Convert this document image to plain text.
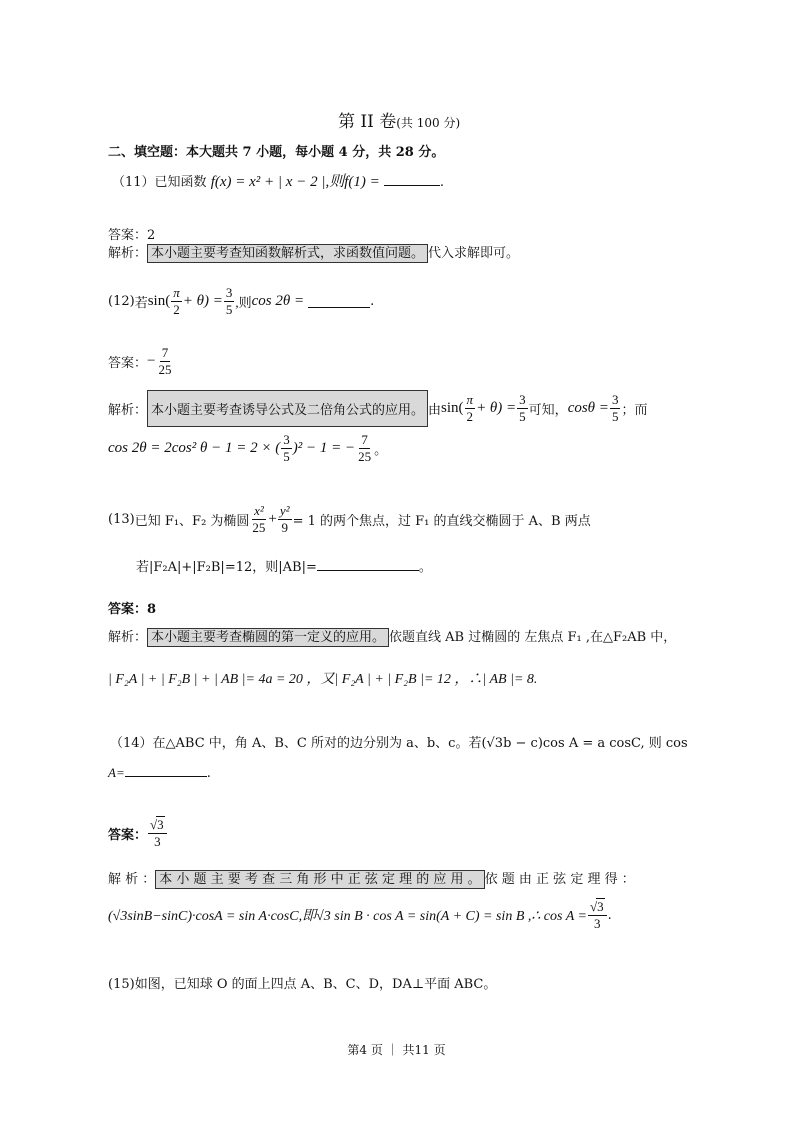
第 II 卷(共 100 分)
二、填空题：本大题共 7 小题，每小题 4 分，共 28 分。
（11）已知函数 f(x) = x² + | x − 2 |,则f(1) =	.
答案：2
解析： 本小题主要考查知函数解析式，求函数值问题。 代入求解即可。
(12) 若 $\sin( \frac{\pi}{2} + \theta) = \frac{3}{5}$ ,则 cos 2θ =	.
答案： − $\frac{7}{25}$
解析： 本小题主要考查诱导公式及二倍角公式的应用。 由 $\sin( \frac{\pi}{2} + \theta) = \frac{3}{5}$ 可知， $\cos\theta = \frac{3}{5}$ ；而
cos 2θ = 2cos² θ − 1 = 2 × ( $\frac{3}{5} )^2 - 1$ = − $\frac{7}{25}$ 。
(13) 已知 F₁、F₂ 为椭圆 $\frac{\text{x²}}{25} + \frac{\text{y²}}{9} = 1$ 的两个焦点，过 F₁ 的直线交椭圆于 A、B 两点
若|F₂A|+|F₂B|=12，则|AB|=	。
答案：8
解析： 本小题主要考查椭圆的第一定义的应用。 依题直线 AB 过椭圆的 左焦点 F₁ ,在△F₂AB 中，
| F₂A | + | F₂B | + | AB |= 4a = 20 ，又| F₂A | + | F₂B |= 12 ，∴| AB |= 8.
（14）在△ABC 中，角 A、B、C 所对的边分别为 a、b、c。若(√3b − c)cos A = a cosC, 则 cos
A=	.
答案： $\frac{√3}{3}$
解 析 ： 本 小 题 主 要 考 查 三 角 形 中 正 弦 定 理 的 应 用 。 依 题 由 正 弦 定 理 得 ：
(√3sinB−sinC)·cosA = sin A·cosC,即√3 sin B · cos A = sin(A + C) = sin B ,∴ $\cos A = \frac{√3}{3}$ .
(15)如图，已知球 O 的面上四点 A、B、C、D，DA⊥平面 ABC。
第4 页 ｜ 共11 页
